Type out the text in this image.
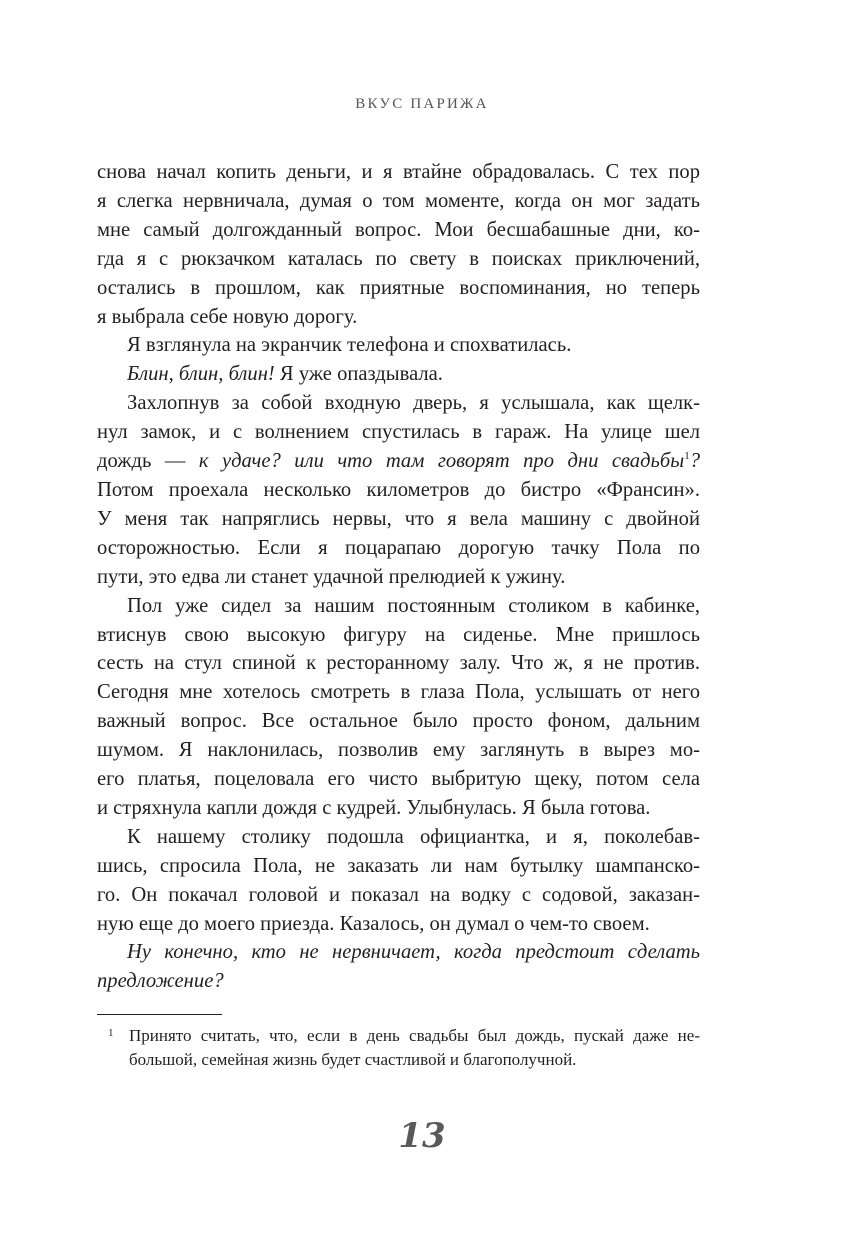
ВКУС ПАРИЖА
снова начал копить деньги, и я втайне обрадовалась. С тех пор
я слегка нервничала, думая о том моменте, когда он мог задать
мне самый долгожданный вопрос. Мои бесшабашные дни, ко-
гда я с рюкзачком каталась по свету в поисках приключений,
остались в прошлом, как приятные воспоминания, но теперь
я выбрала себе новую дорогу.
Я взглянула на экранчик телефона и спохватилась.
Блин, блин, блин! Я уже опаздывала.
Захлопнув за собой входную дверь, я услышала, как щелк-
нул замок, и с волнением спустилась в гараж. На улице шел
дождь — к удаче? или что там говорят про дни свадьбы$^1$?
Потом проехала несколько километров до бистро «Франсин».
У меня так напряглись нервы, что я вела машину с двойной
осторожностью. Если я поцарапаю дорогую тачку Пола по
пути, это едва ли станет удачной прелюдией к ужину.
Пол уже сидел за нашим постоянным столиком в кабинке,
втиснув свою высокую фигуру на сиденье. Мне пришлось
сесть на стул спиной к ресторанному залу. Что ж, я не против.
Сегодня мне хотелось смотреть в глаза Пола, услышать от него
важный вопрос. Все остальное было просто фоном, дальним
шумом. Я наклонилась, позволив ему заглянуть в вырез мо-
его платья, поцеловала его чисто выбритую щеку, потом села
и стряхнула капли дождя с кудрей. Улыбнулась. Я была готова.
К нашему столику подошла официантка, и я, поколебав-
шись, спросила Пола, не заказать ли нам бутылку шампанско-
го. Он покачал головой и показал на водку с содовой, заказан-
ную еще до моего приезда. Казалось, он думал о чем-то своем.
Ну конечно, кто не нервничает, когда предстоит сделать
предложение?
1 Принято считать, что, если в день свадьбы был дождь, пускай даже не-
большой, семейная жизнь будет счастливой и благополучной.
13
